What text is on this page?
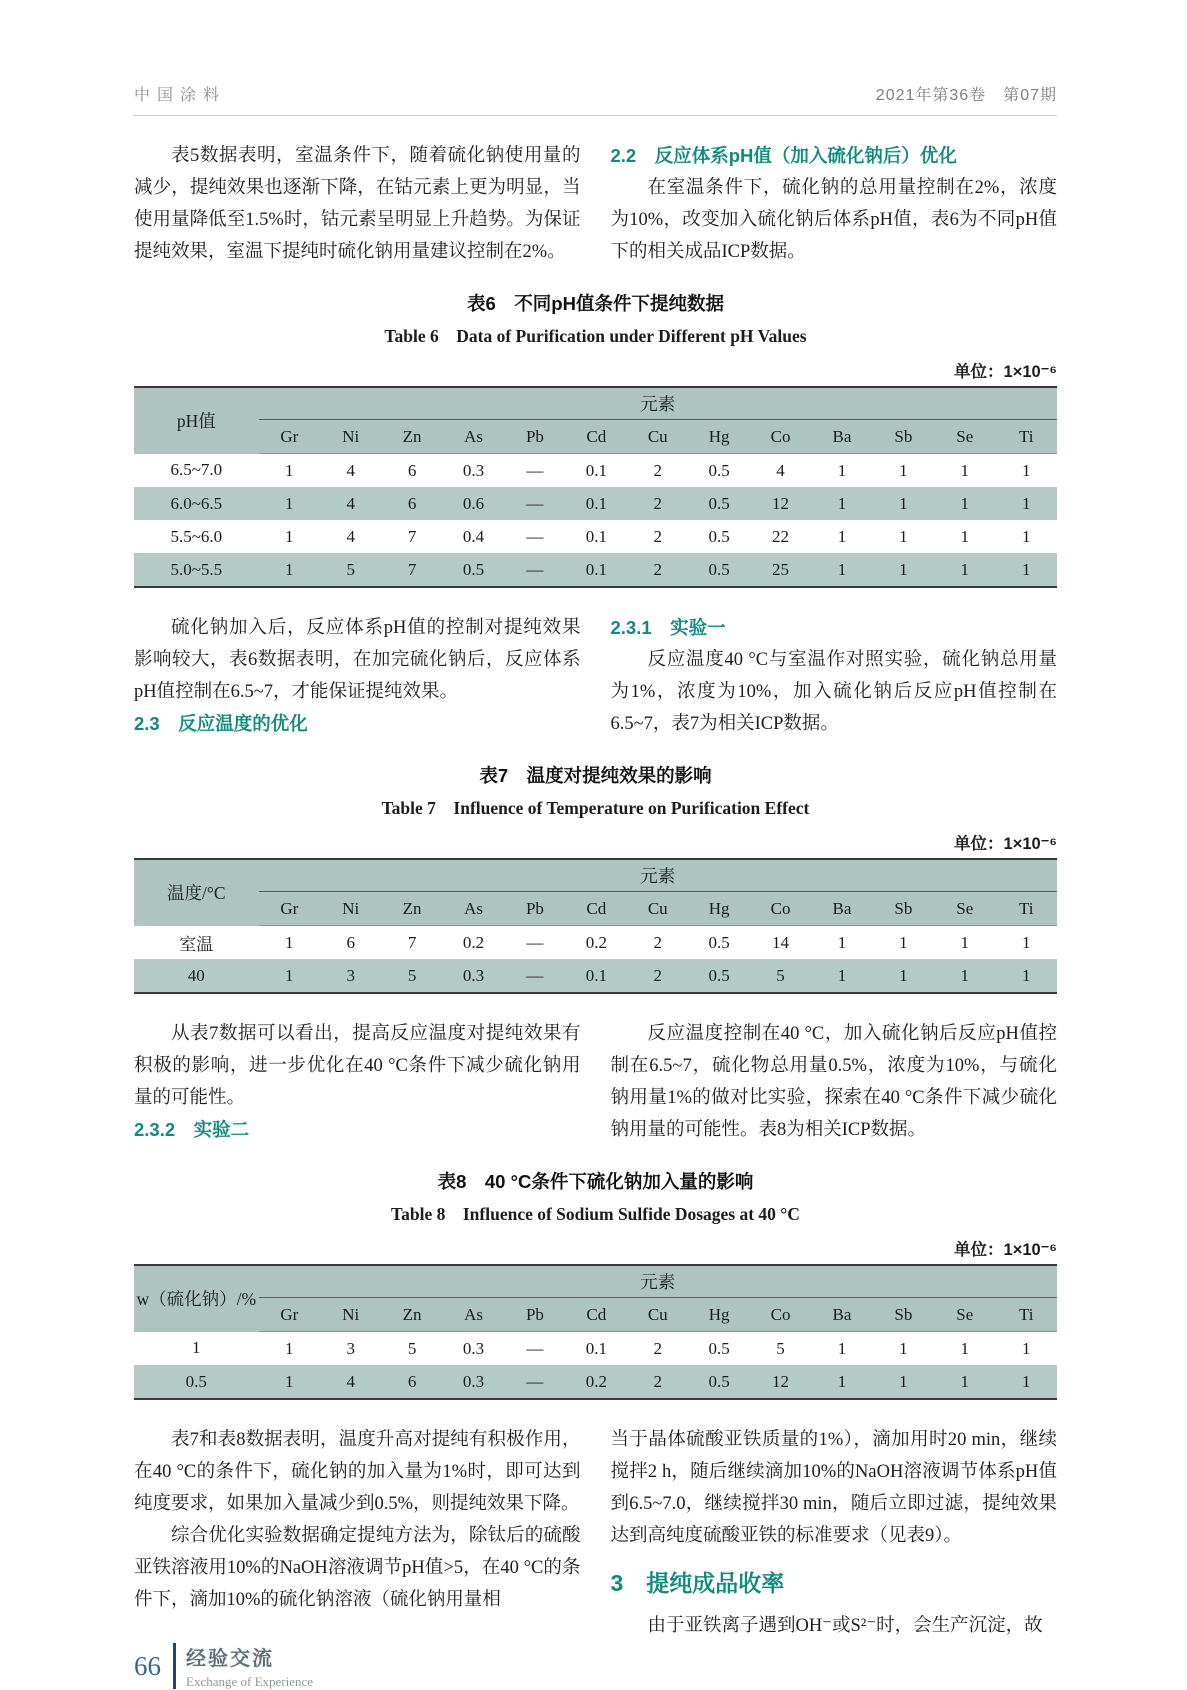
中国涂料	2021年第36卷　第07期

表5数据表明，室温条件下，随着硫化钠使用量的减少，提纯效果也逐渐下降，在钴元素上更为明显，当使用量降低至1.5%时，钴元素呈明显上升趋势。为保证提纯效果，室温下提纯时硫化钠用量建议控制在2%。

2.2　反应体系pH值（加入硫化钠后）优化

在室温条件下，硫化钠的总用量控制在2%，浓度为10%，改变加入硫化钠后体系pH值，表6为不同pH值下的相关成品ICP数据。

表6　不同pH值条件下提纯数据
Table 6　Data of Purification under Different pH Values
单位：1×10⁻⁶
pH值	元素												
	Gr	Ni	Zn	As	Pb	Cd	Cu	Hg	Co	Ba	Sb	Se	Ti
6.5~7.0	1	4	6	0.3	—	0.1	2	0.5	4	1	1	1	1
6.0~6.5	1	4	6	0.6	—	0.1	2	0.5	12	1	1	1	1
5.5~6.0	1	4	7	0.4	—	0.1	2	0.5	22	1	1	1	1
5.0~5.5	1	5	7	0.5	—	0.1	2	0.5	25	1	1	1	1

硫化钠加入后，反应体系pH值的控制对提纯效果影响较大，表6数据表明，在加完硫化钠后，反应体系pH值控制在6.5~7，才能保证提纯效果。

2.3　反应温度的优化
2.3.1　实验一

反应温度40 °C与室温作对照实验，硫化钠总用量为1%，浓度为10%，加入硫化钠后反应pH值控制在6.5~7，表7为相关ICP数据。

表7　温度对提纯效果的影响
Table 7　Influence of Temperature on Purification Effect
单位：1×10⁻⁶
温度/°C	元素												
	Gr	Ni	Zn	As	Pb	Cd	Cu	Hg	Co	Ba	Sb	Se	Ti
室温	1	6	7	0.2	—	0.2	2	0.5	14	1	1	1	1
40	1	3	5	0.3	—	0.1	2	0.5	5	1	1	1	1

从表7数据可以看出，提高反应温度对提纯效果有积极的影响，进一步优化在40 °C条件下减少硫化钠用量的可能性。

2.3.2　实验二

反应温度控制在40 °C，加入硫化钠后反应pH值控制在6.5~7，硫化物总用量0.5%，浓度为10%，与硫化钠用量1%的做对比实验，探索在40 °C条件下减少硫化钠用量的可能性。表8为相关ICP数据。

表8　40 °C条件下硫化钠加入量的影响
Table 8　Influence of Sodium Sulfide Dosages at 40 °C
单位：1×10⁻⁶
w（硫化钠）/%	元素												
	Gr	Ni	Zn	As	Pb	Cd	Cu	Hg	Co	Ba	Sb	Se	Ti
1	1	3	5	0.3	—	0.1	2	0.5	5	1	1	1	1
0.5	1	4	6	0.3	—	0.2	2	0.5	12	1	1	1	1

表7和表8数据表明，温度升高对提纯有积极作用，在40 °C的条件下，硫化钠的加入量为1%时，即可达到纯度要求，如果加入量减少到0.5%，则提纯效果下降。

综合优化实验数据确定提纯方法为，除钛后的硫酸亚铁溶液用10%的NaOH溶液调节pH值>5，在40 °C的条件下，滴加10%的硫化钠溶液（硫化钠用量相

当于晶体硫酸亚铁质量的1%），滴加用时20 min，继续搅拌2 h，随后继续滴加10%的NaOH溶液调节体系pH值到6.5~7.0，继续搅拌30 min，随后立即过滤，提纯效果达到高纯度硫酸亚铁的标准要求（见表9）。

3　提纯成品收率

由于亚铁离子遇到OH⁻或S²⁻时，会生产沉淀，故

66 经验交流
Exchange of Experience
